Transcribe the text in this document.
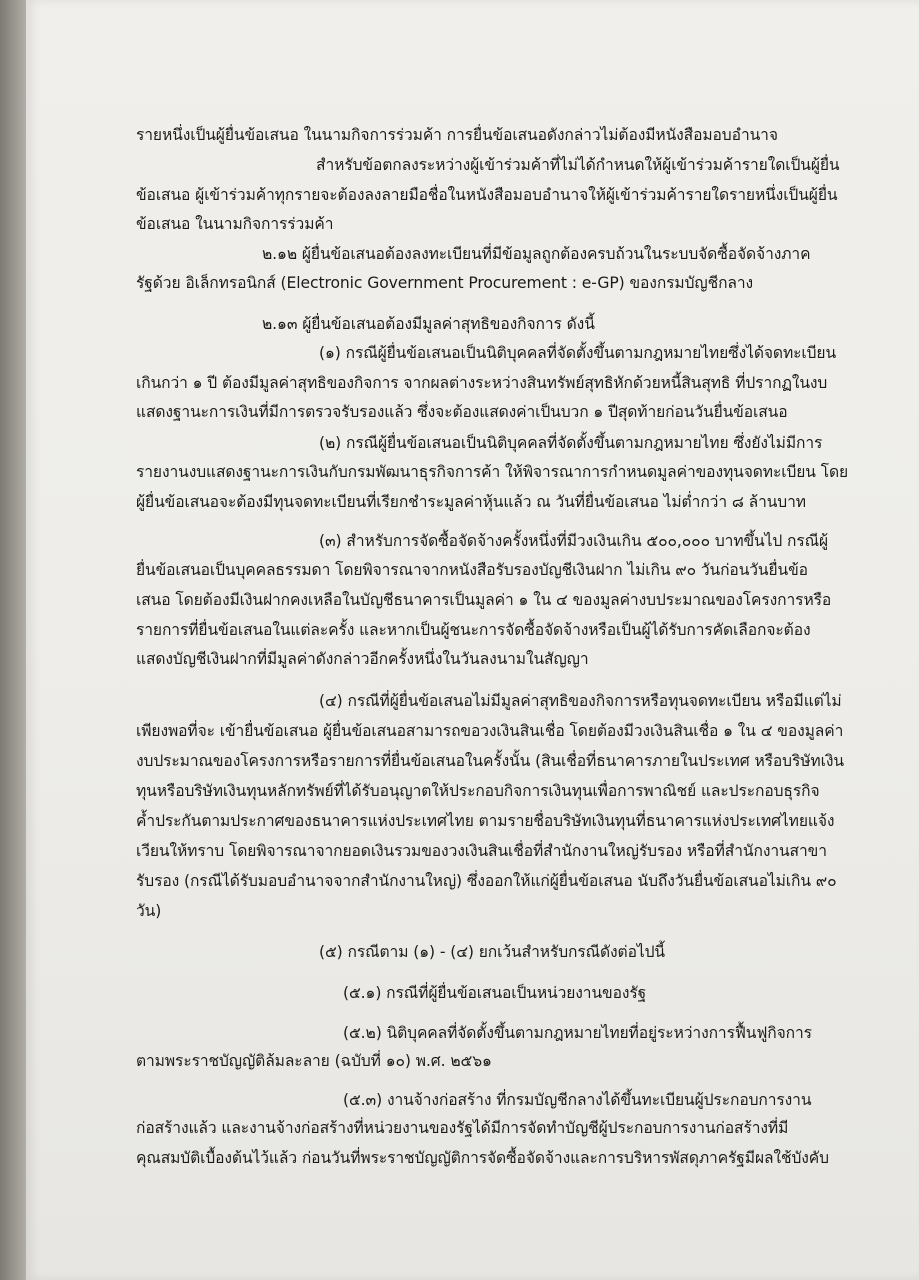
รายหนึ่งเป็นผู้ยื่นข้อเสนอ ในนามกิจการร่วมค้า การยื่นข้อเสนอดังกล่าวไม่ต้องมีหนังสือมอบอำนาจ
สำหรับข้อตกลงระหว่างผู้เข้าร่วมค้าที่ไม่ได้กำหนดให้ผู้เข้าร่วมค้ารายใดเป็นผู้ยื่น
ข้อเสนอ ผู้เข้าร่วมค้าทุกรายจะต้องลงลายมือชื่อในหนังสือมอบอำนาจให้ผู้เข้าร่วมค้ารายใดรายหนึ่งเป็นผู้ยื่น
ข้อเสนอ ในนามกิจการร่วมค้า
๒.๑๒ ผู้ยื่นข้อเสนอต้องลงทะเบียนที่มีข้อมูลถูกต้องครบถ้วนในระบบจัดซื้อจัดจ้างภาค
รัฐด้วย อิเล็กทรอนิกส์ (Electronic Government Procurement : e-GP) ของกรมบัญชีกลาง
๒.๑๓ ผู้ยื่นข้อเสนอต้องมีมูลค่าสุทธิของกิจการ ดังนี้
(๑) กรณีผู้ยื่นข้อเสนอเป็นนิติบุคคลที่จัดตั้งขึ้นตามกฎหมายไทยซึ่งได้จดทะเบียน
เกินกว่า ๑ ปี ต้องมีมูลค่าสุทธิของกิจการ จากผลต่างระหว่างสินทรัพย์สุทธิหักด้วยหนี้สินสุทธิ ที่ปรากฏในงบ
แสดงฐานะการเงินที่มีการตรวจรับรองแล้ว ซึ่งจะต้องแสดงค่าเป็นบวก ๑ ปีสุดท้ายก่อนวันยื่นข้อเสนอ
(๒) กรณีผู้ยื่นข้อเสนอเป็นนิติบุคคลที่จัดตั้งขึ้นตามกฎหมายไทย ซึ่งยังไม่มีการ
รายงานงบแสดงฐานะการเงินกับกรมพัฒนาธุรกิจการค้า ให้พิจารณาการกำหนดมูลค่าของทุนจดทะเบียน โดย
ผู้ยื่นข้อเสนอจะต้องมีทุนจดทะเบียนที่เรียกชำระมูลค่าหุ้นแล้ว ณ วันที่ยื่นข้อเสนอ ไม่ต่ำกว่า ๘ ล้านบาท
(๓) สำหรับการจัดซื้อจัดจ้างครั้งหนึ่งที่มีวงเงินเกิน ๕๐๐,๐๐๐ บาทขึ้นไป กรณีผู้
ยื่นข้อเสนอเป็นบุคคลธรรมดา โดยพิจารณาจากหนังสือรับรองบัญชีเงินฝาก ไม่เกิน ๙๐ วันก่อนวันยื่นข้อ
เสนอ โดยต้องมีเงินฝากคงเหลือในบัญชีธนาคารเป็นมูลค่า ๑ ใน ๔ ของมูลค่างบประมาณของโครงการหรือ
รายการที่ยื่นข้อเสนอในแต่ละครั้ง และหากเป็นผู้ชนะการจัดซื้อจัดจ้างหรือเป็นผู้ได้รับการคัดเลือกจะต้อง
แสดงบัญชีเงินฝากที่มีมูลค่าดังกล่าวอีกครั้งหนึ่งในวันลงนามในสัญญา
(๔) กรณีที่ผู้ยื่นข้อเสนอไม่มีมูลค่าสุทธิของกิจการหรือทุนจดทะเบียน หรือมีแต่ไม่
เพียงพอที่จะ เข้ายื่นข้อเสนอ ผู้ยื่นข้อเสนอสามารถขอวงเงินสินเชื่อ โดยต้องมีวงเงินสินเชื่อ ๑ ใน ๔ ของมูลค่า
งบประมาณของโครงการหรือรายการที่ยื่นข้อเสนอในครั้งนั้น (สินเชื่อที่ธนาคารภายในประเทศ หรือบริษัทเงิน
ทุนหรือบริษัทเงินทุนหลักทรัพย์ที่ได้รับอนุญาตให้ประกอบกิจการเงินทุนเพื่อการพาณิชย์ และประกอบธุรกิจ
ค้ำประกันตามประกาศของธนาคารแห่งประเทศไทย ตามรายชื่อบริษัทเงินทุนที่ธนาคารแห่งประเทศไทยแจ้ง
เวียนให้ทราบ โดยพิจารณาจากยอดเงินรวมของวงเงินสินเชื่อที่สำนักงานใหญ่รับรอง หรือที่สำนักงานสาขา
รับรอง (กรณีได้รับมอบอำนาจจากสำนักงานใหญ่) ซึ่งออกให้แก่ผู้ยื่นข้อเสนอ นับถึงวันยื่นข้อเสนอไม่เกิน ๙๐
วัน)
(๕) กรณีตาม (๑) - (๔) ยกเว้นสำหรับกรณีดังต่อไปนี้
(๕.๑) กรณีที่ผู้ยื่นข้อเสนอเป็นหน่วยงานของรัฐ
(๕.๒) นิติบุคคลที่จัดตั้งขึ้นตามกฎหมายไทยที่อยู่ระหว่างการฟื้นฟูกิจการ
ตามพระราชบัญญัติล้มละลาย (ฉบับที่ ๑๐) พ.ศ. ๒๕๖๑
(๕.๓) งานจ้างก่อสร้าง ที่กรมบัญชีกลางได้ขึ้นทะเบียนผู้ประกอบการงาน
ก่อสร้างแล้ว และงานจ้างก่อสร้างที่หน่วยงานของรัฐได้มีการจัดทำบัญชีผู้ประกอบการงานก่อสร้างที่มี
คุณสมบัติเบื้องต้นไว้แล้ว ก่อนวันที่พระราชบัญญัติการจัดซื้อจัดจ้างและการบริหารพัสดุภาครัฐมีผลใช้บังคับ
